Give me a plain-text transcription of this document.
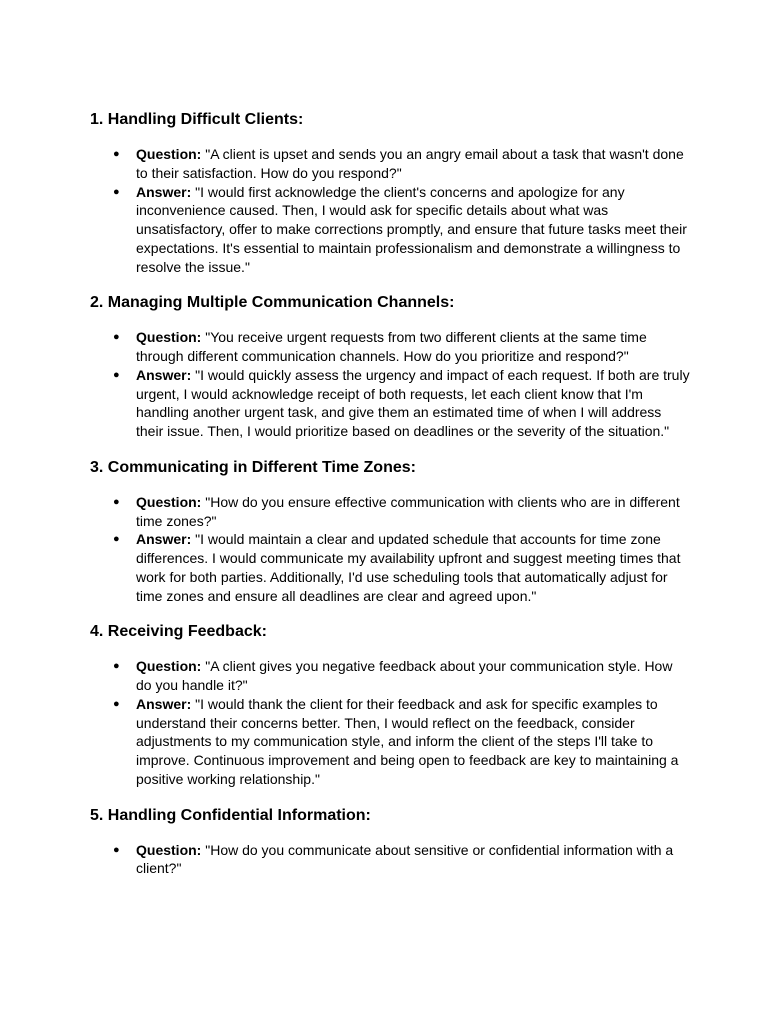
1. Handling Difficult Clients:
● Question: "A client is upset and sends you an angry email about a task that wasn't done to their satisfaction. How do you respond?"
● Answer: "I would first acknowledge the client's concerns and apologize for any inconvenience caused. Then, I would ask for specific details about what was unsatisfactory, offer to make corrections promptly, and ensure that future tasks meet their expectations. It's essential to maintain professionalism and demonstrate a willingness to resolve the issue."
2. Managing Multiple Communication Channels:
● Question: "You receive urgent requests from two different clients at the same time through different communication channels. How do you prioritize and respond?"
● Answer: "I would quickly assess the urgency and impact of each request. If both are truly urgent, I would acknowledge receipt of both requests, let each client know that I'm handling another urgent task, and give them an estimated time of when I will address their issue. Then, I would prioritize based on deadlines or the severity of the situation."
3. Communicating in Different Time Zones:
● Question: "How do you ensure effective communication with clients who are in different time zones?"
● Answer: "I would maintain a clear and updated schedule that accounts for time zone differences. I would communicate my availability upfront and suggest meeting times that work for both parties. Additionally, I'd use scheduling tools that automatically adjust for time zones and ensure all deadlines are clear and agreed upon."
4. Receiving Feedback:
● Question: "A client gives you negative feedback about your communication style. How do you handle it?"
● Answer: "I would thank the client for their feedback and ask for specific examples to understand their concerns better. Then, I would reflect on the feedback, consider adjustments to my communication style, and inform the client of the steps I'll take to improve. Continuous improvement and being open to feedback are key to maintaining a positive working relationship."
5. Handling Confidential Information:
● Question: "How do you communicate about sensitive or confidential information with a client?"
